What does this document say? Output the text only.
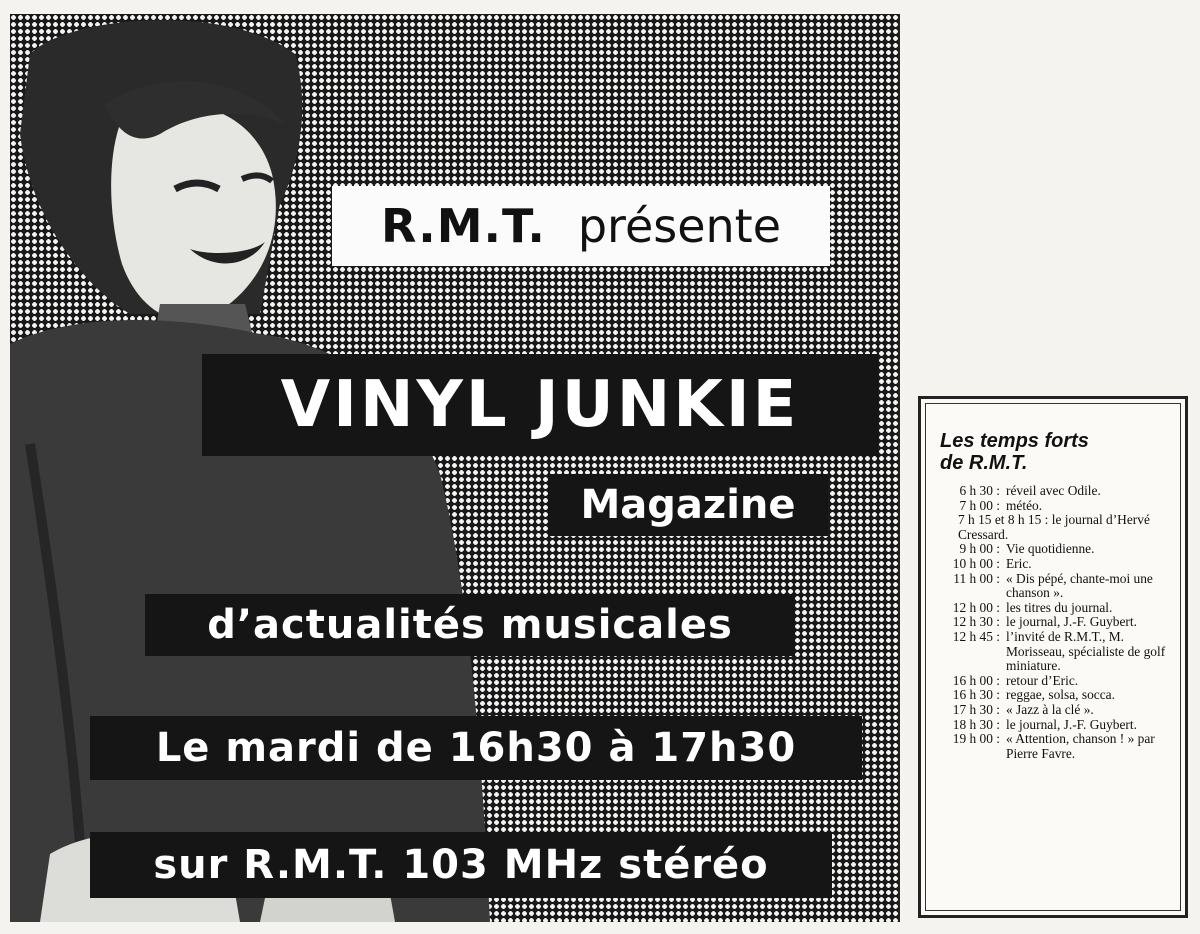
R.M.T. présente
VINYL JUNKIE
Magazine
d’actualités musicales
Le mardi de 16h30 à 17h30
sur R.M.T. 103 MHz stéréo
Les temps forts
de R.M.T.
6 h 30 : réveil avec Odile.
7 h 00 : météo.
7 h 15 et 8 h 15 : le journal d’Hervé Cressard.
9 h 00 : Vie quotidienne.
10 h 00 : Eric.
11 h 00 : « Dis pépé, chante-moi une chanson ».
12 h 00 : les titres du journal.
12 h 30 : le journal, J.-F. Guybert.
12 h 45 : l’invité de R.M.T., M. Morisseau, spécialiste de golf miniature.
16 h 00 : retour d’Eric.
16 h 30 : reggae, solsa, socca.
17 h 30 : « Jazz à la clé ».
18 h 30 : le journal, J.-F. Guybert.
19 h 00 : « Attention, chanson ! » par Pierre Favre.
